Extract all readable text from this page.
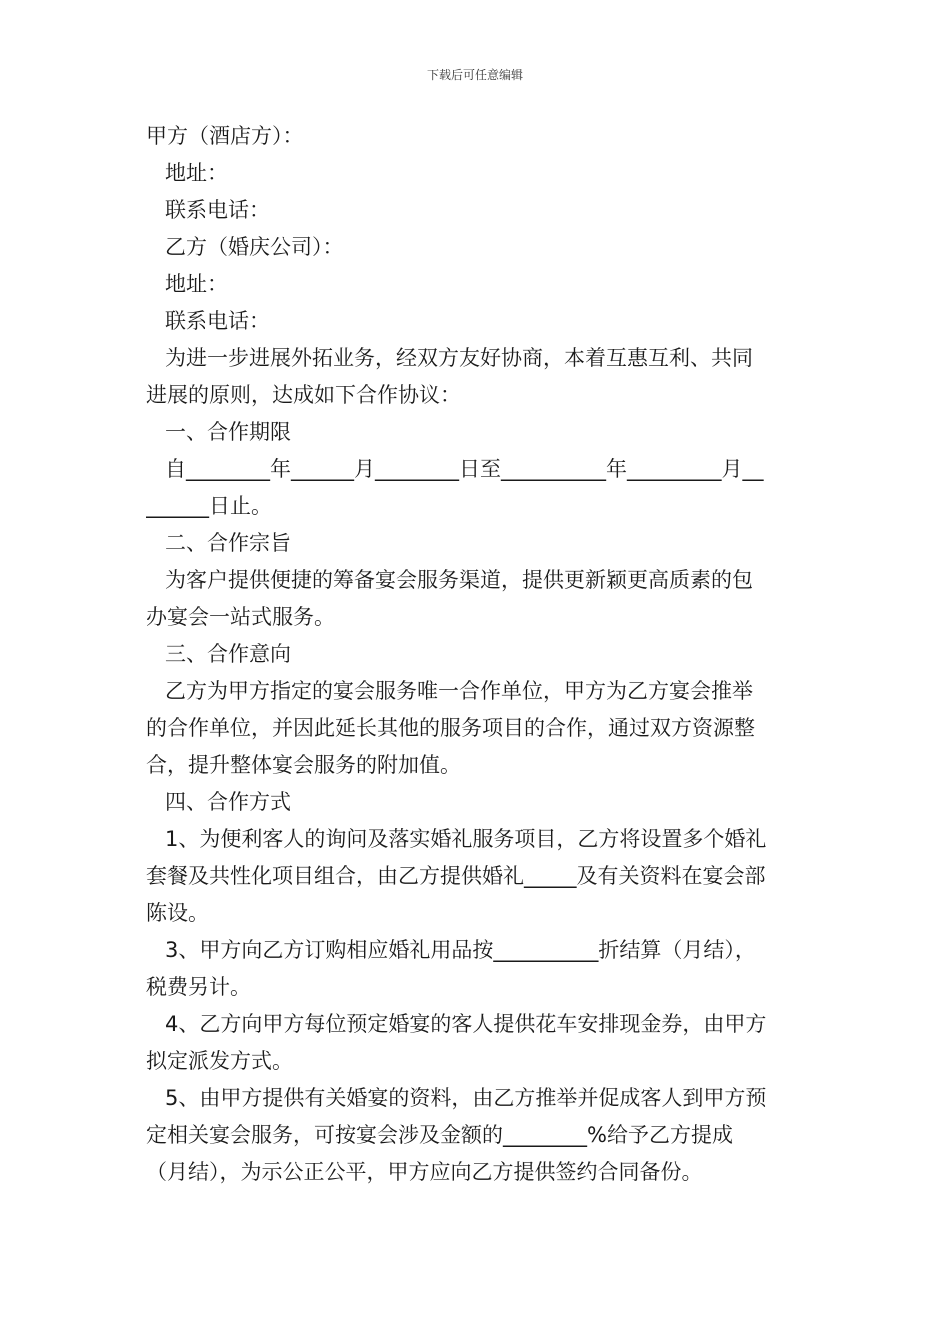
下载后可任意编辑
甲方（酒店方）：
地址：
联系电话：
乙方（婚庆公司）：
地址：
联系电话：
为进一步进展外拓业务，经双方友好协商，本着互惠互利、共同
进展的原则，达成如下合作协议：
一、合作期限
自________年______月________日至__________年_________月__
______日止。
二、合作宗旨
为客户提供便捷的筹备宴会服务渠道，提供更新颖更高质素的包
办宴会一站式服务。
三、合作意向
乙方为甲方指定的宴会服务唯一合作单位，甲方为乙方宴会推举
的合作单位，并因此延长其他的服务项目的合作，通过双方资源整
合，提升整体宴会服务的附加值。
四、合作方式
1、为便利客人的询问及落实婚礼服务项目，乙方将设置多个婚礼
套餐及共性化项目组合，由乙方提供婚礼_____及有关资料在宴会部
陈设。
3、甲方向乙方订购相应婚礼用品按__________折结算（月结），
税费另计。
4、乙方向甲方每位预定婚宴的客人提供花车安排现金券，由甲方
拟定派发方式。
5、由甲方提供有关婚宴的资料，由乙方推举并促成客人到甲方预
定相关宴会服务，可按宴会涉及金额的________%给予乙方提成
（月结），为示公正公平，甲方应向乙方提供签约合同备份。
